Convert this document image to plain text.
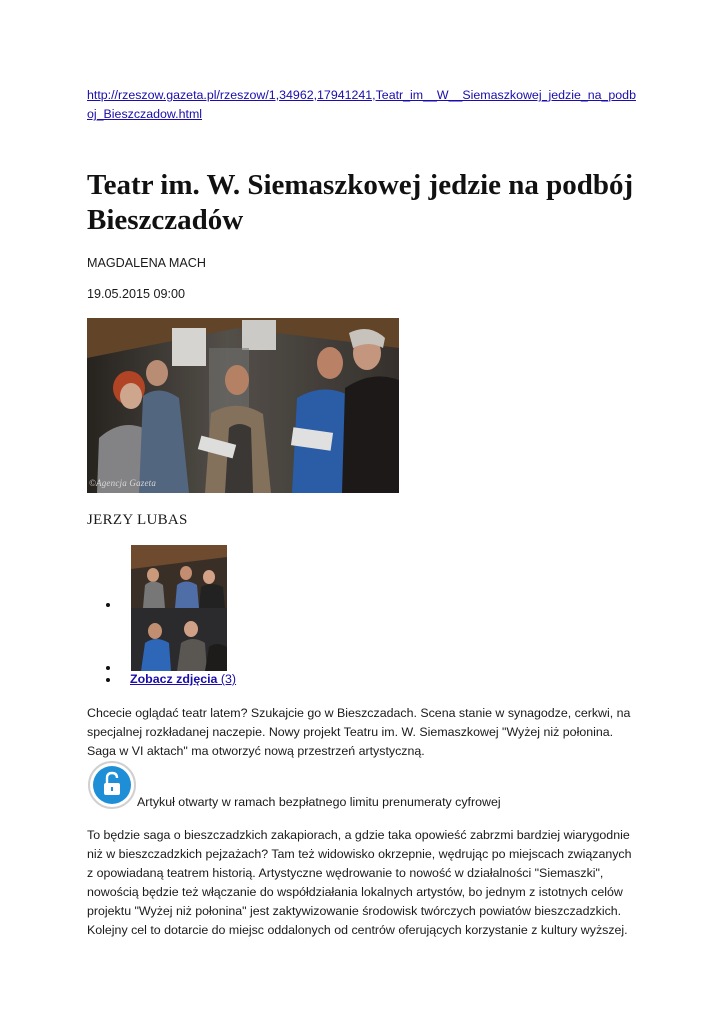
http://rzeszow.gazeta.pl/rzeszow/1,34962,17941241,Teatr_im__W__Siemaszkowej_jedzie_na_podboj_Bieszczadow.html
Teatr im. W. Siemaszkowej jedzie na podbój Bieszczadów
MAGDALENA MACH
19.05.2015 09:00
©Agencja Gazeta
JERZY LUBAS
Zobacz zdjęcia (3)

Chcecie oglądać teatr latem? Szukajcie go w Bieszczadach. Scena stanie w synagodze, cerkwi, na specjalnej rozkładanej naczepie. Nowy projekt Teatru im. W. Siemaszkowej "Wyżej niż połonina. Saga w VI aktach" ma otworzyć nową przestrzeń artystyczną.

Artykuł otwarty w ramach bezpłatnego limitu prenumeraty cyfrowej

To będzie saga o bieszczadzkich zakapiorach, a gdzie taka opowieść zabrzmi bardziej wiarygodnie niż w bieszczadzkich pejzażach? Tam też widowisko okrzepnie, wędrując po miejscach związanych z opowiadaną teatrem historią. Artystyczne wędrowanie to nowość w działalności "Siemaszki", nowością będzie też włączanie do współdziałania lokalnych artystów, bo jednym z istotnych celów projektu "Wyżej niż połonina" jest zaktywizowanie środowisk twórczych powiatów bieszczadzkich. Kolejny cel to dotarcie do miejsc oddalonych od centrów oferujących korzystanie z kultury wyższej.
